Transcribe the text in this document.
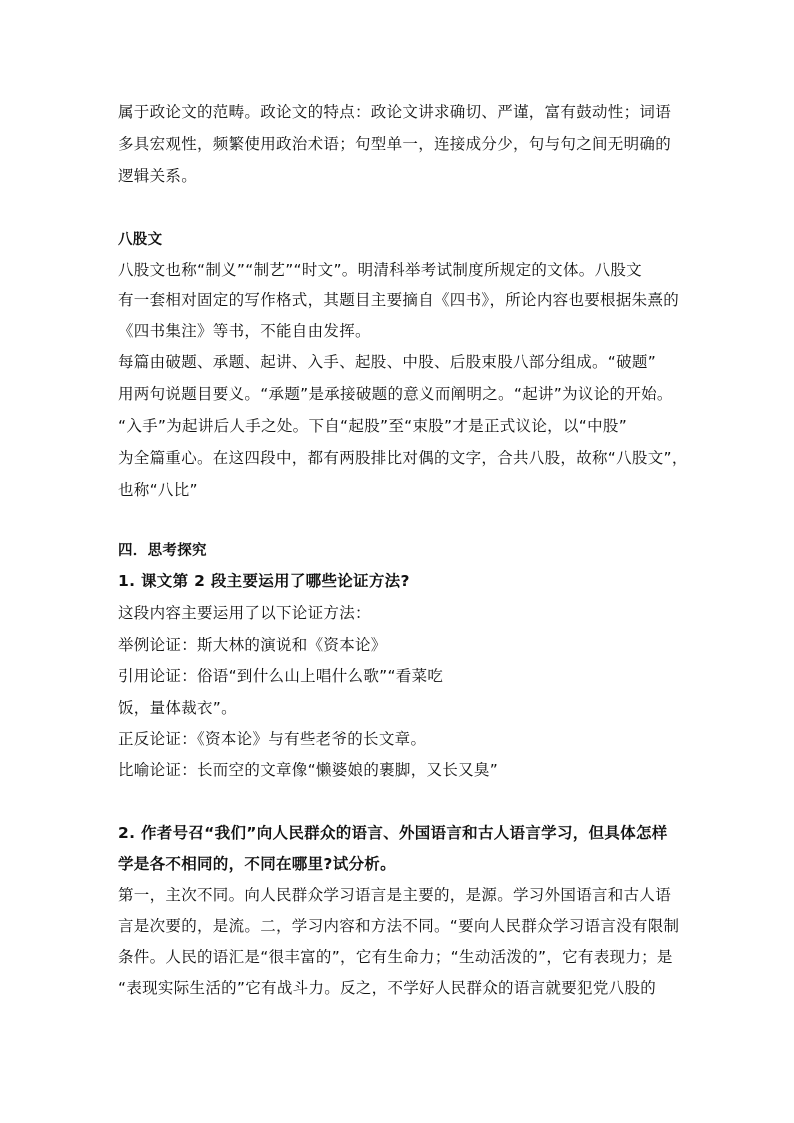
属于政论文的范畴。政论文的特点：政论文讲求确切、严谨，富有鼓动性；词语
多具宏观性，频繁使用政治术语；句型单一，连接成分少，句与句之间无明确的
逻辑关系。
八股文
八股文也称“制义”“制艺”“时文”。明清科举考试制度所规定的文体。八股文
有一套相对固定的写作格式，其题目主要摘自《四书》，所论内容也要根据朱熹的
《四书集注》等书，不能自由发挥。
每篇由破题、承题、起讲、入手、起股、中股、后股束股八部分组成。“破题”
用两句说题目要义。“承题”是承接破题的意义而阐明之。“起讲”为议论的开始。
“入手”为起讲后人手之处。下自“起股”至“束股”才是正式议论，以“中股”
为全篇重心。在这四段中，都有两股排比对偶的文字，合共八股，故称“八股文”，
也称“八比”
四．思考探究
1. 课文第 2 段主要运用了哪些论证方法?
这段内容主要运用了以下论证方法：
举例论证：斯大林的演说和《资本论》
引用论证：俗语“到什么山上唱什么歌”“看菜吃
饭，量体裁衣”。
正反论证：《资本论》与有些老爷的长文章。
比喻论证：长而空的文章像“懒婆娘的裹脚，又长又臭”
2. 作者号召“我们”向人民群众的语言、外国语言和古人语言学习，但具体怎样
学是各不相同的，不同在哪里?试分析。
第一，主次不同。向人民群众学习语言是主要的，是源。学习外国语言和古人语
言是次要的，是流。二，学习内容和方法不同。“要向人民群众学习语言没有限制
条件。人民的语汇是“很丰富的”，它有生命力；“生动活泼的”，它有表现力；是
“表现实际生活的”它有战斗力。反之，不学好人民群众的语言就要犯党八股的
